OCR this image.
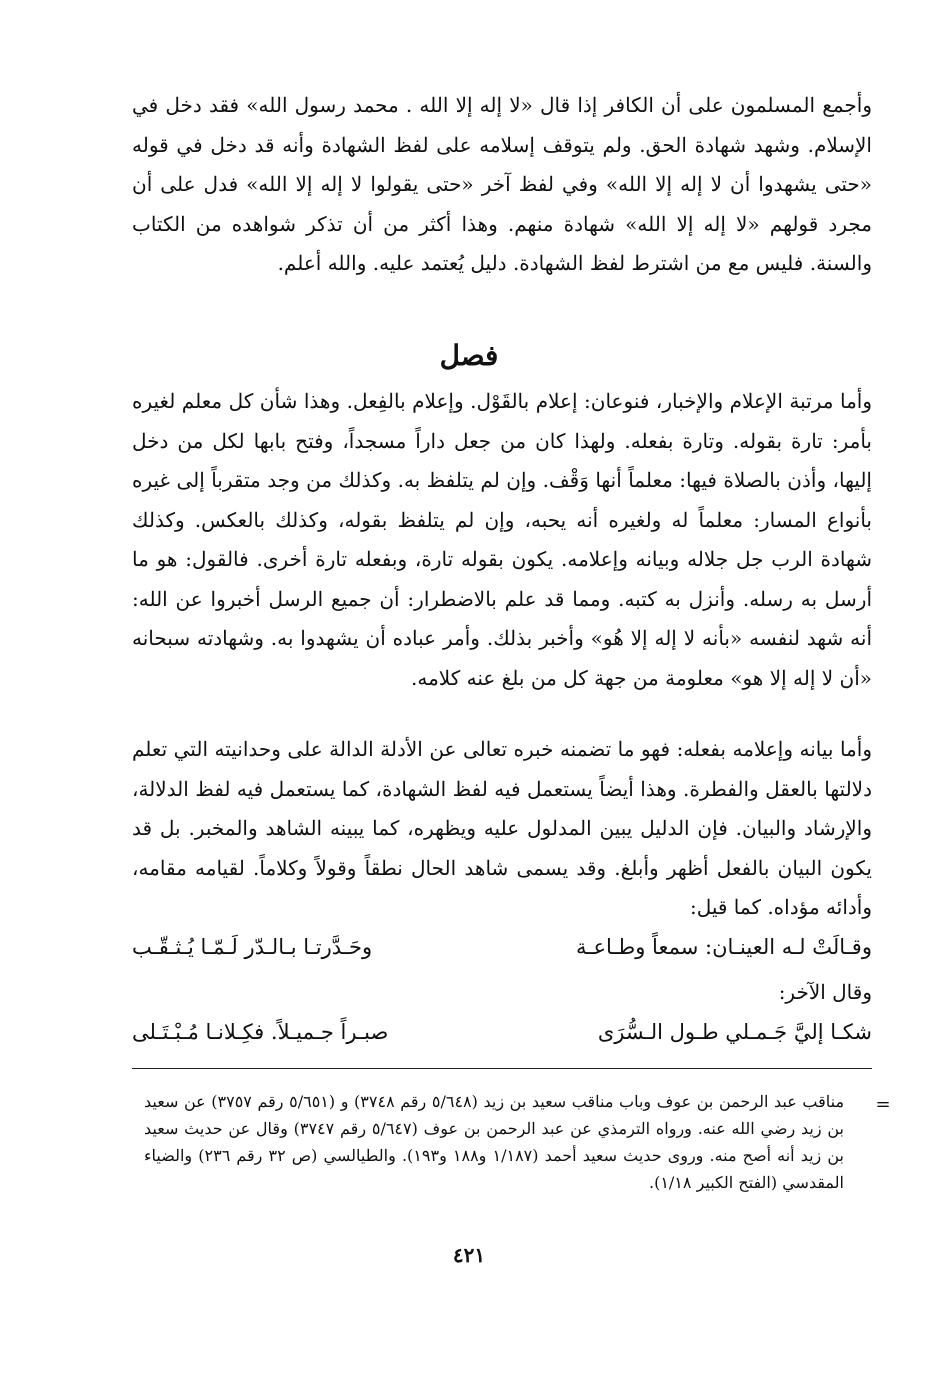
وأجمع المسلمون على أن الكافر إذا قال «لا إله إلا الله . محمد رسول الله» فقد دخل في الإسلام. وشهد شهادة الحق. ولم يتوقف إسلامه على لفظ الشهادة وأنه قد دخل في قوله «حتى يشهدوا أن لا إله إلا الله» وفي لفظ آخر «حتى يقولوا لا إله إلا الله» فدل على أن مجرد قولهم «لا إله إلا الله» شهادة منهم. وهذا أكثر من أن تذكر شواهده من الكتاب والسنة. فليس مع من اشترط لفظ الشهادة. دليل يُعتمد عليه. والله أعلم.

فصل

وأما مرتبة الإعلام والإخبار، فنوعان: إعلام بالقَوْل. وإعلام بالفِعل. وهذا شأن كل معلم لغيره بأمر: تارة بقوله. وتارة بفعله. ولهذا كان من جعل داراً مسجداً، وفتح بابها لكل من دخل إليها، وأذن بالصلاة فيها: معلماً أنها وَقْف. وإن لم يتلفظ به. وكذلك من وجد متقرباً إلى غيره بأنواع المسار: معلماً له ولغيره أنه يحبه، وإن لم يتلفظ بقوله، وكذلك بالعكس. وكذلك شهادة الرب جل جلاله وبيانه وإعلامه. يكون بقوله تارة، وبفعله تارة أخرى. فالقول: هو ما أرسل به رسله. وأنزل به كتبه. ومما قد علم بالاضطرار: أن جميع الرسل أخبروا عن الله: أنه شهد لنفسه «بأنه لا إله إلا هُو» وأخبر بذلك. وأمر عباده أن يشهدوا به. وشهادته سبحانه «أن لا إله إلا هو» معلومة من جهة كل من بلغ عنه كلامه.

وأما بيانه وإعلامه بفعله: فهو ما تضمنه خبره تعالى عن الأدلة الدالة على وحدانيته التي تعلم دلالتها بالعقل والفطرة. وهذا أيضاً يستعمل فيه لفظ الشهادة، كما يستعمل فيه لفظ الدلالة، والإرشاد والبيان. فإن الدليل يبين المدلول عليه ويظهره، كما يبينه الشاهد والمخبر. بل قد يكون البيان بالفعل أظهر وأبلغ. وقد يسمى شاهد الحال نطقاً وقولاً وكلاماً. لقيامه مقامه، وأدائه مؤداه. كما قيل:

وقـالَتْ لـه العينـان: سمعاً وطـاعـة
وحَـدَّرتـا بـالـدّر لَـمّـا يُـثـقّـب
وقال الآخر:
شكـا إليَّ جَـمـلي طـول الـسُّرَى
صبـراً جـميـلاً. فكِـلانـا مُـبْـتَـلى
=

مناقب عبد الرحمن بن عوف وباب مناقب سعيد بن زيد (٥/٦٤٨ رقم ٣٧٤٨) و (٥/٦٥١ رقم ٣٧٥٧) عن سعيد بن زيد رضي الله عنه. ورواه الترمذي عن عبد الرحمن بن عوف (٥/٦٤٧ رقم ٣٧٤٧) وقال عن حديث سعيد بن زيد أنه أصح منه. وروى حديث سعيد أحمد (١/١٨٧ و١٨٨ و١٩٣). والطيالسي (ص ٣٢ رقم ٢٣٦) والضياء المقدسي (الفتح الكبير ١/١٨).

٤٢١
